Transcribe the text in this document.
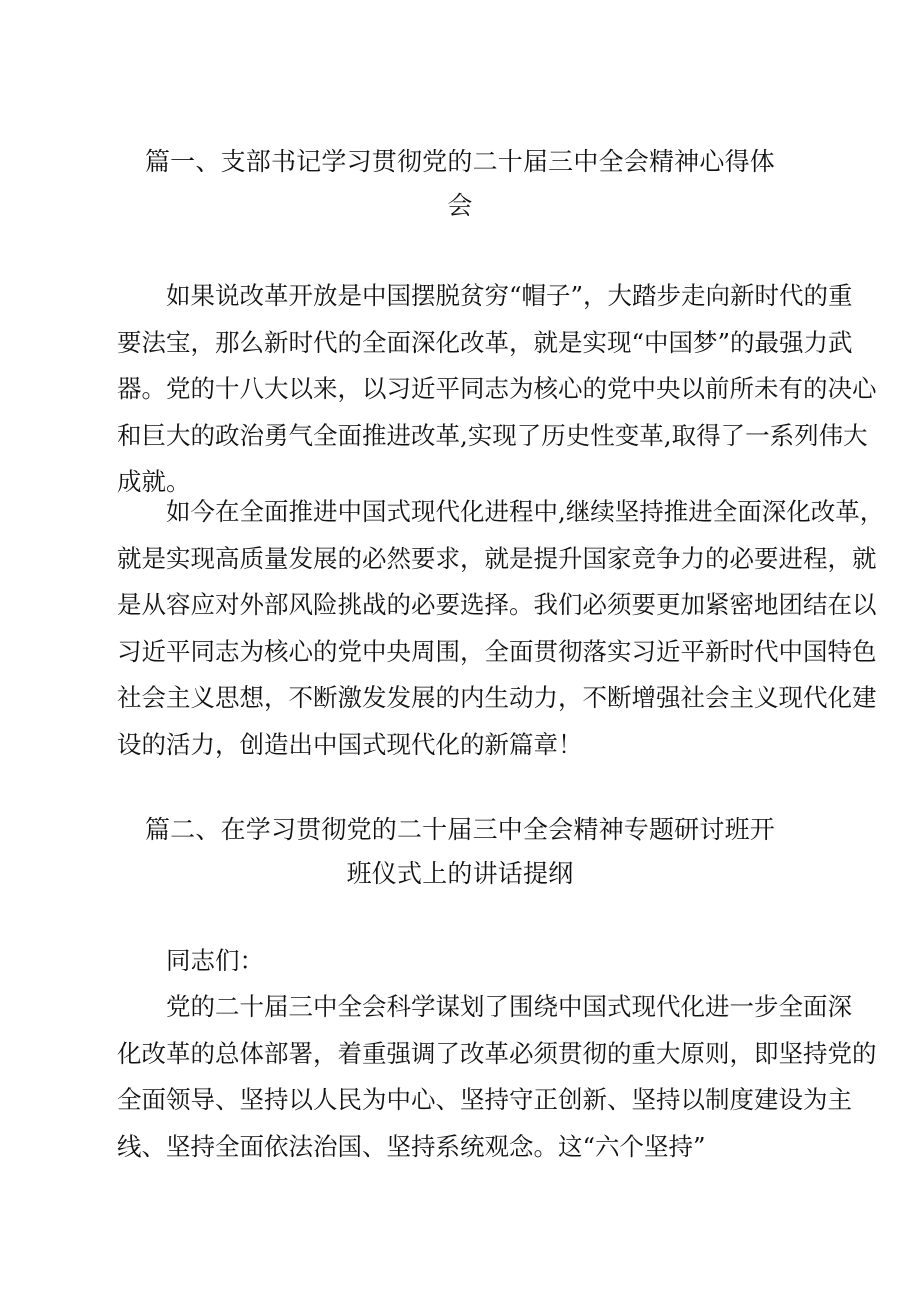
篇一、支部书记学习贯彻党的二十届三中全会精神心得体
会

如果说改革开放是中国摆脱贫穷“帽子”，大踏步走向新时代的重
要法宝，那么新时代的全面深化改革，就是实现“中国梦”的最强力武
器。党的十八大以来，以习近平同志为核心的党中央以前所未有的决心
和巨大的政治勇气全面推进改革,实现了历史性变革,取得了一系列伟大
成就。

如今在全面推进中国式现代化进程中,继续坚持推进全面深化改革，
就是实现高质量发展的必然要求，就是提升国家竞争力的必要进程，就
是从容应对外部风险挑战的必要选择。我们必须要更加紧密地团结在以
习近平同志为核心的党中央周围，全面贯彻落实习近平新时代中国特色
社会主义思想，不断激发发展的内生动力，不断增强社会主义现代化建
设的活力，创造出中国式现代化的新篇章！

篇二、在学习贯彻党的二十届三中全会精神专题研讨班开
班仪式上的讲话提纲

同志们：

党的二十届三中全会科学谋划了围绕中国式现代化进一步全面深
化改革的总体部署，着重强调了改革必须贯彻的重大原则，即坚持党的
全面领导、坚持以人民为中心、坚持守正创新、坚持以制度建设为主
线、坚持全面依法治国、坚持系统观念。这“六个坚持”
